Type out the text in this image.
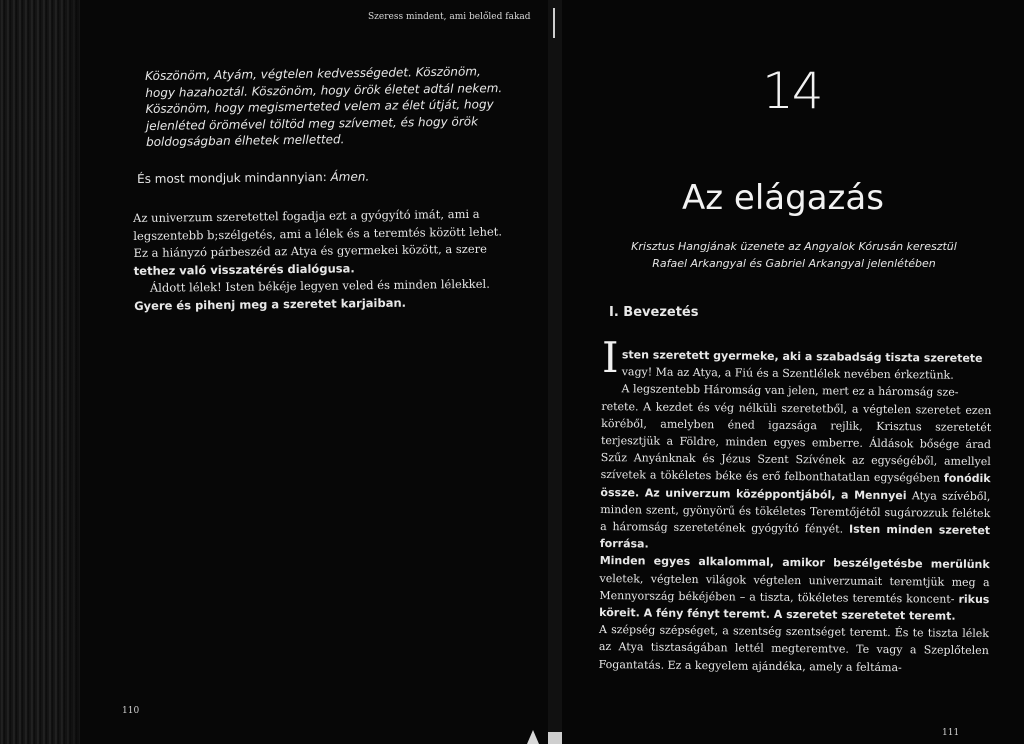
Szeress mindent, ami belőled fakad

Köszönöm, Atyám, végtelen kedvességedet. Köszönöm,

hogy hazahoztál. Köszönöm, hogy örök életet adtál nekem.

Köszönöm, hogy megismerteted velem az élet útját, hogy

jelenléted örömével töltöd meg szívemet, és hogy örök

boldogságban élhetek melletted.

És most mondjuk mindannyian: Ámen.

Az univerzum szeretettel fogadja ezt a gyógyító imát, ami a

legszentebb b;szélgetés, ami a lélek és a teremtés között lehet.

Ez a hiányzó párbeszéd az Atya és gyermekei között, a szere

tethez való visszatérés dialógusa.

Áldott lélek! Isten békéje legyen veled és minden lélekkel.

Gyere és pihenj meg a szeretet karjaiban.

110
14
Az elágazás
Krisztus Hangjának üzenete az Angyalok Kórusán keresztül
Rafael Arkangyal és Gabriel Arkangyal jelenlétében
I. Bevezetés
I sten szeretett gyermeke, aki a szabadság tiszta szeretete

vagy! Ma az Atya, a Fiú és a Szentlélek nevében érkeztünk.

A legszentebb Háromság van jelen, mert ez a háromság sze-

retete. A kezdet és vég nélküli szeretetből, a végtelen szeretet ezen köréből, amelyben éned igazsága rejlik, Krisztus szeretetét terjesztjük a Földre, minden egyes emberre. Áldások bősége árad Szűz Anyánknak és Jézus Szent Szívének az egységéből, amellyel szívetek a tökéletes béke és erő felbonthatatlan egységében fonódik össze. Az univerzum középpontjából, a Mennyei Atya szívéből, minden szent, gyönyörű és tökéletes Teremtőjétől sugározzuk felétek a háromság szeretetének gyógyító fényét. Isten minden szeretet forrása.

Minden egyes alkalommal, amikor beszélgetésbe merülünk veletek, végtelen világok végtelen univerzumait teremtjük meg a Mennyország békéjében – a tiszta, tökéletes teremtés koncent- rikus köreit. A fény fényt teremt. A szeretet szeretetet teremt.

A szépség szépséget, a szentség szentséget teremt. És te tiszta lélek az Atya tisztaságában lettél megteremtve. Te vagy a Szeplőtelen Fogantatás. Ez a kegyelem ajándéka, amely a feltáma-

111
